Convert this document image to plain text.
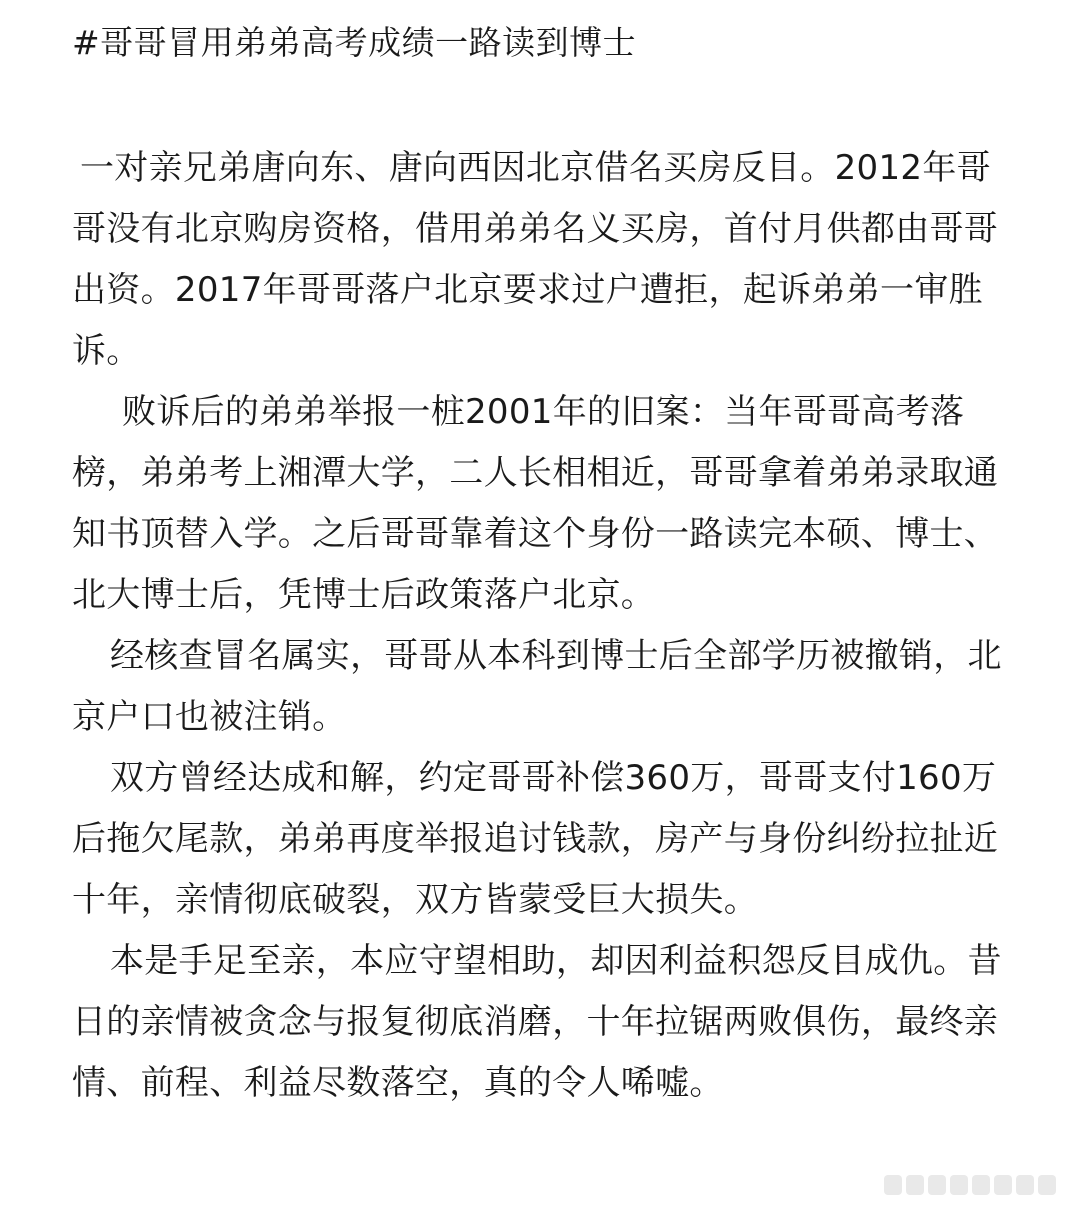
#哥哥冒用弟弟高考成绩一路读到博士

一对亲兄弟唐向东、唐向西因北京借名买房反目。2012年哥哥没有北京购房资格，借用弟弟名义买房，首付月供都由哥哥出资。2017年哥哥落户北京要求过户遭拒，起诉弟弟一审胜诉。

败诉后的弟弟举报一桩2001年的旧案：当年哥哥高考落榜，弟弟考上湘潭大学，二人长相相近，哥哥拿着弟弟录取通知书顶替入学。之后哥哥靠着这个身份一路读完本硕、博士、北大博士后，凭博士后政策落户北京。

经核查冒名属实，哥哥从本科到博士后全部学历被撤销，北京户口也被注销。

双方曾经达成和解，约定哥哥补偿360万，哥哥支付160万后拖欠尾款，弟弟再度举报追讨钱款，房产与身份纠纷拉扯近十年，亲情彻底破裂，双方皆蒙受巨大损失。

本是手足至亲，本应守望相助，却因利益积怨反目成仇。昔日的亲情被贪念与报复彻底消磨，十年拉锯两败俱伤，最终亲情、前程、利益尽数落空，真的令人唏嘘。
